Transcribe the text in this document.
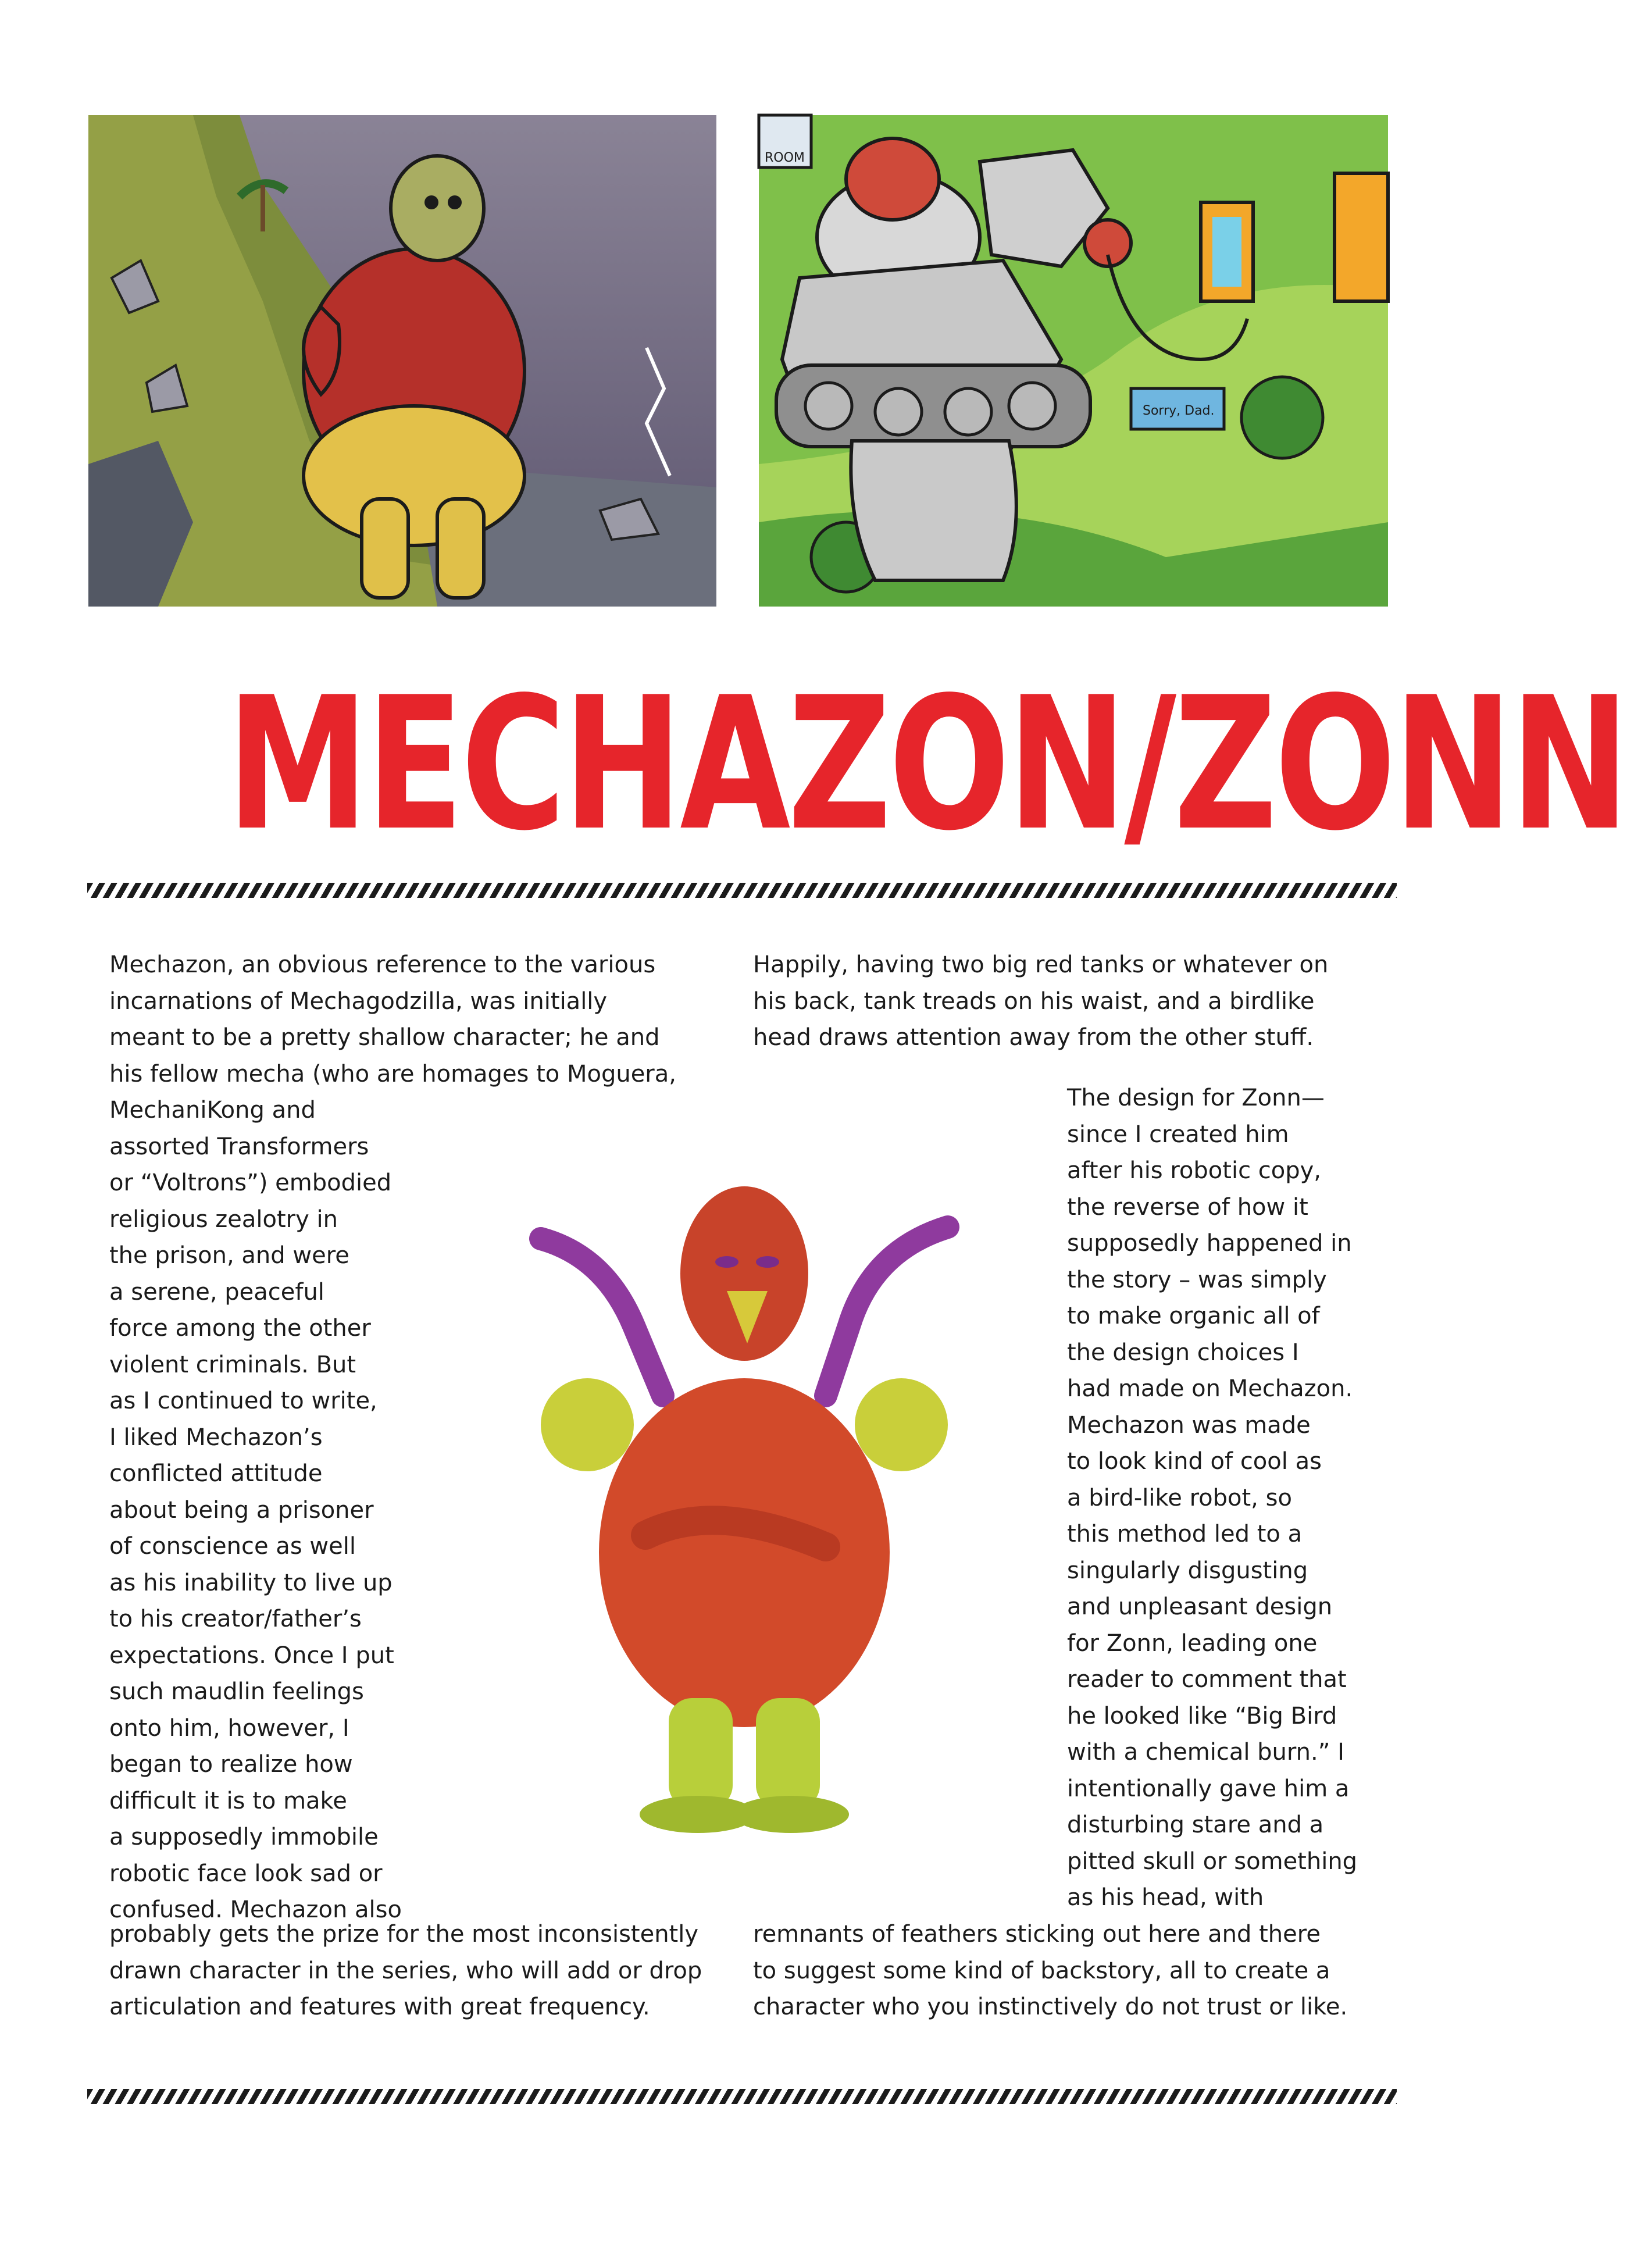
ROOM
Sorry, Dad.
MECHAZON/ZONN
Mechazon, an obvious reference to the various
incarnations of Mechagodzilla, was initially
meant to be a pretty shallow character; he and
his fellow mecha (who are homages to Moguera,
MechaniKong and
assorted Transformers
or “Voltrons”) embodied
religious zealotry in
the prison, and were
a serene, peaceful
force among the other
violent criminals. But
as I continued to write,
I liked Mechazon’s
conflicted attitude
about being a prisoner
of conscience as well
as his inability to live up
to his creator/father’s
expectations. Once I put
such maudlin feelings
onto him, however, I
began to realize how
difficult it is to make
a supposedly immobile
robotic face look sad or
confused. Mechazon also
probably gets the prize for the most inconsistently
drawn character in the series, who will add or drop
articulation and features with great frequency.
Happily, having two big red tanks or whatever on
his back, tank treads on his waist, and a birdlike
head draws attention away from the other stuff.
The design for Zonn—
since I created him
after his robotic copy,
the reverse of how it
supposedly happened in
the story – was simply
to make organic all of
the design choices I
had made on Mechazon.
Mechazon was made
to look kind of cool as
a bird-like robot, so
this method led to a
singularly disgusting
and unpleasant design
for Zonn, leading one
reader to comment that
he looked like “Big Bird
with a chemical burn.” I
intentionally gave him a
disturbing stare and a
pitted skull or something
as his head, with
remnants of feathers sticking out here and there
to suggest some kind of backstory, all to create a
character who you instinctively do not trust or like.
